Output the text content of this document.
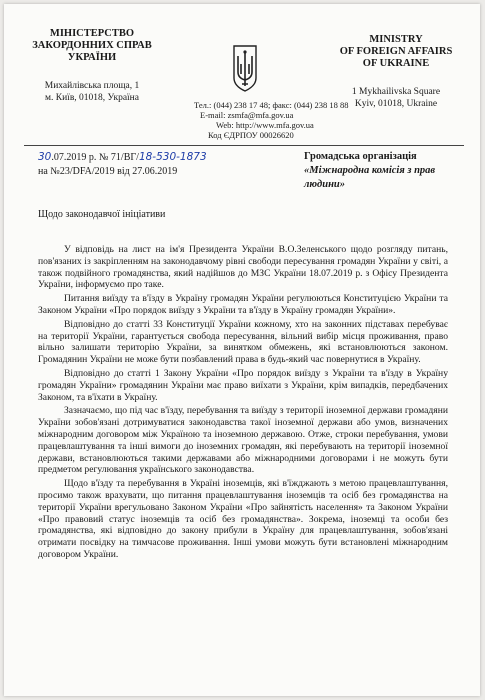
МІНІСТЕРСТВО
ЗАКОРДОННИХ СПРАВ
УКРАЇНИ
Михайлівська площа, 1
м. Київ, 01018, Україна
MINISTRY
OF FOREIGN AFFAIRS
OF UKRAINE
1 Mykhailivska Square
Kyiv, 01018, Ukraine
Тел.: (044) 238 17 48; факс: (044) 238 18 88
E-mail: zsmfa@mfa.gov.ua
Web: http://www.mfa.gov.ua
Код ЄДРПОУ 00026620
30.07.2019 р. № 71/ВГ/18-530-1873
на №23/DFA/2019 від 27.06.2019
Громадська організація
«Міжнародна комісія з прав
людини»
Щодо законодавчої ініціативи

У відповідь на лист на ім'я Президента України В.О.Зеленського щодо розгляду питань, пов'язаних із закріпленням на законодавчому рівні свободи пересування громадян України у світі, а також подвійного громадянства, який надійшов до МЗС України 18.07.2019 р. з Офісу Президента України, інформуємо про таке.

Питання виїзду та в'їзду в Україну громадян України регулюються Конституцією України та Законом України «Про порядок виїзду з України та в'їзду в Україну громадян України».

Відповідно до статті 33 Конституції України кожному, хто на законних підставах перебуває на території України, гарантується свобода пересування, вільний вибір місця проживання, право вільно залишати територію України, за винятком обмежень, які встановлюються законом. Громадянин України не може бути позбавлений права в будь-який час повернутися в Україну.

Відповідно до статті 1 Закону України «Про порядок виїзду з України та в'їзду в Україну громадян України» громадянин України має право виїхати з України, крім випадків, передбачених Законом, та в'їхати в Україну.

Зазначаємо, що під час в'їзду, перебування та виїзду з території іноземної держави громадяни України зобов'язані дотримуватися законодавства такої іноземної держави або умов, визначених міжнародним договором між Україною та іноземною державою. Отже, строки перебування, умови працевлаштування та інші вимоги до іноземних громадян, які перебувають на території іноземної держави, встановлюються такими державами або міжнародними договорами і не можуть бути предметом регулювання українського законодавства.

Щодо в'їзду та перебування в Україні іноземців, які в'їжджають з метою працевлаштування, просимо також врахувати, що питання працевлаштування іноземців та осіб без громадянства на території України врегульовано Законом України «Про зайнятість населення» та Законом України «Про правовий статус іноземців та осіб без громадянства». Зокрема, іноземці та особи без громадянства, які відповідно до закону прибули в Україну для працевлаштування, зобов'язані отримати посвідку на тимчасове проживання. Інші умови можуть бути встановлені міжнародним договором України.
